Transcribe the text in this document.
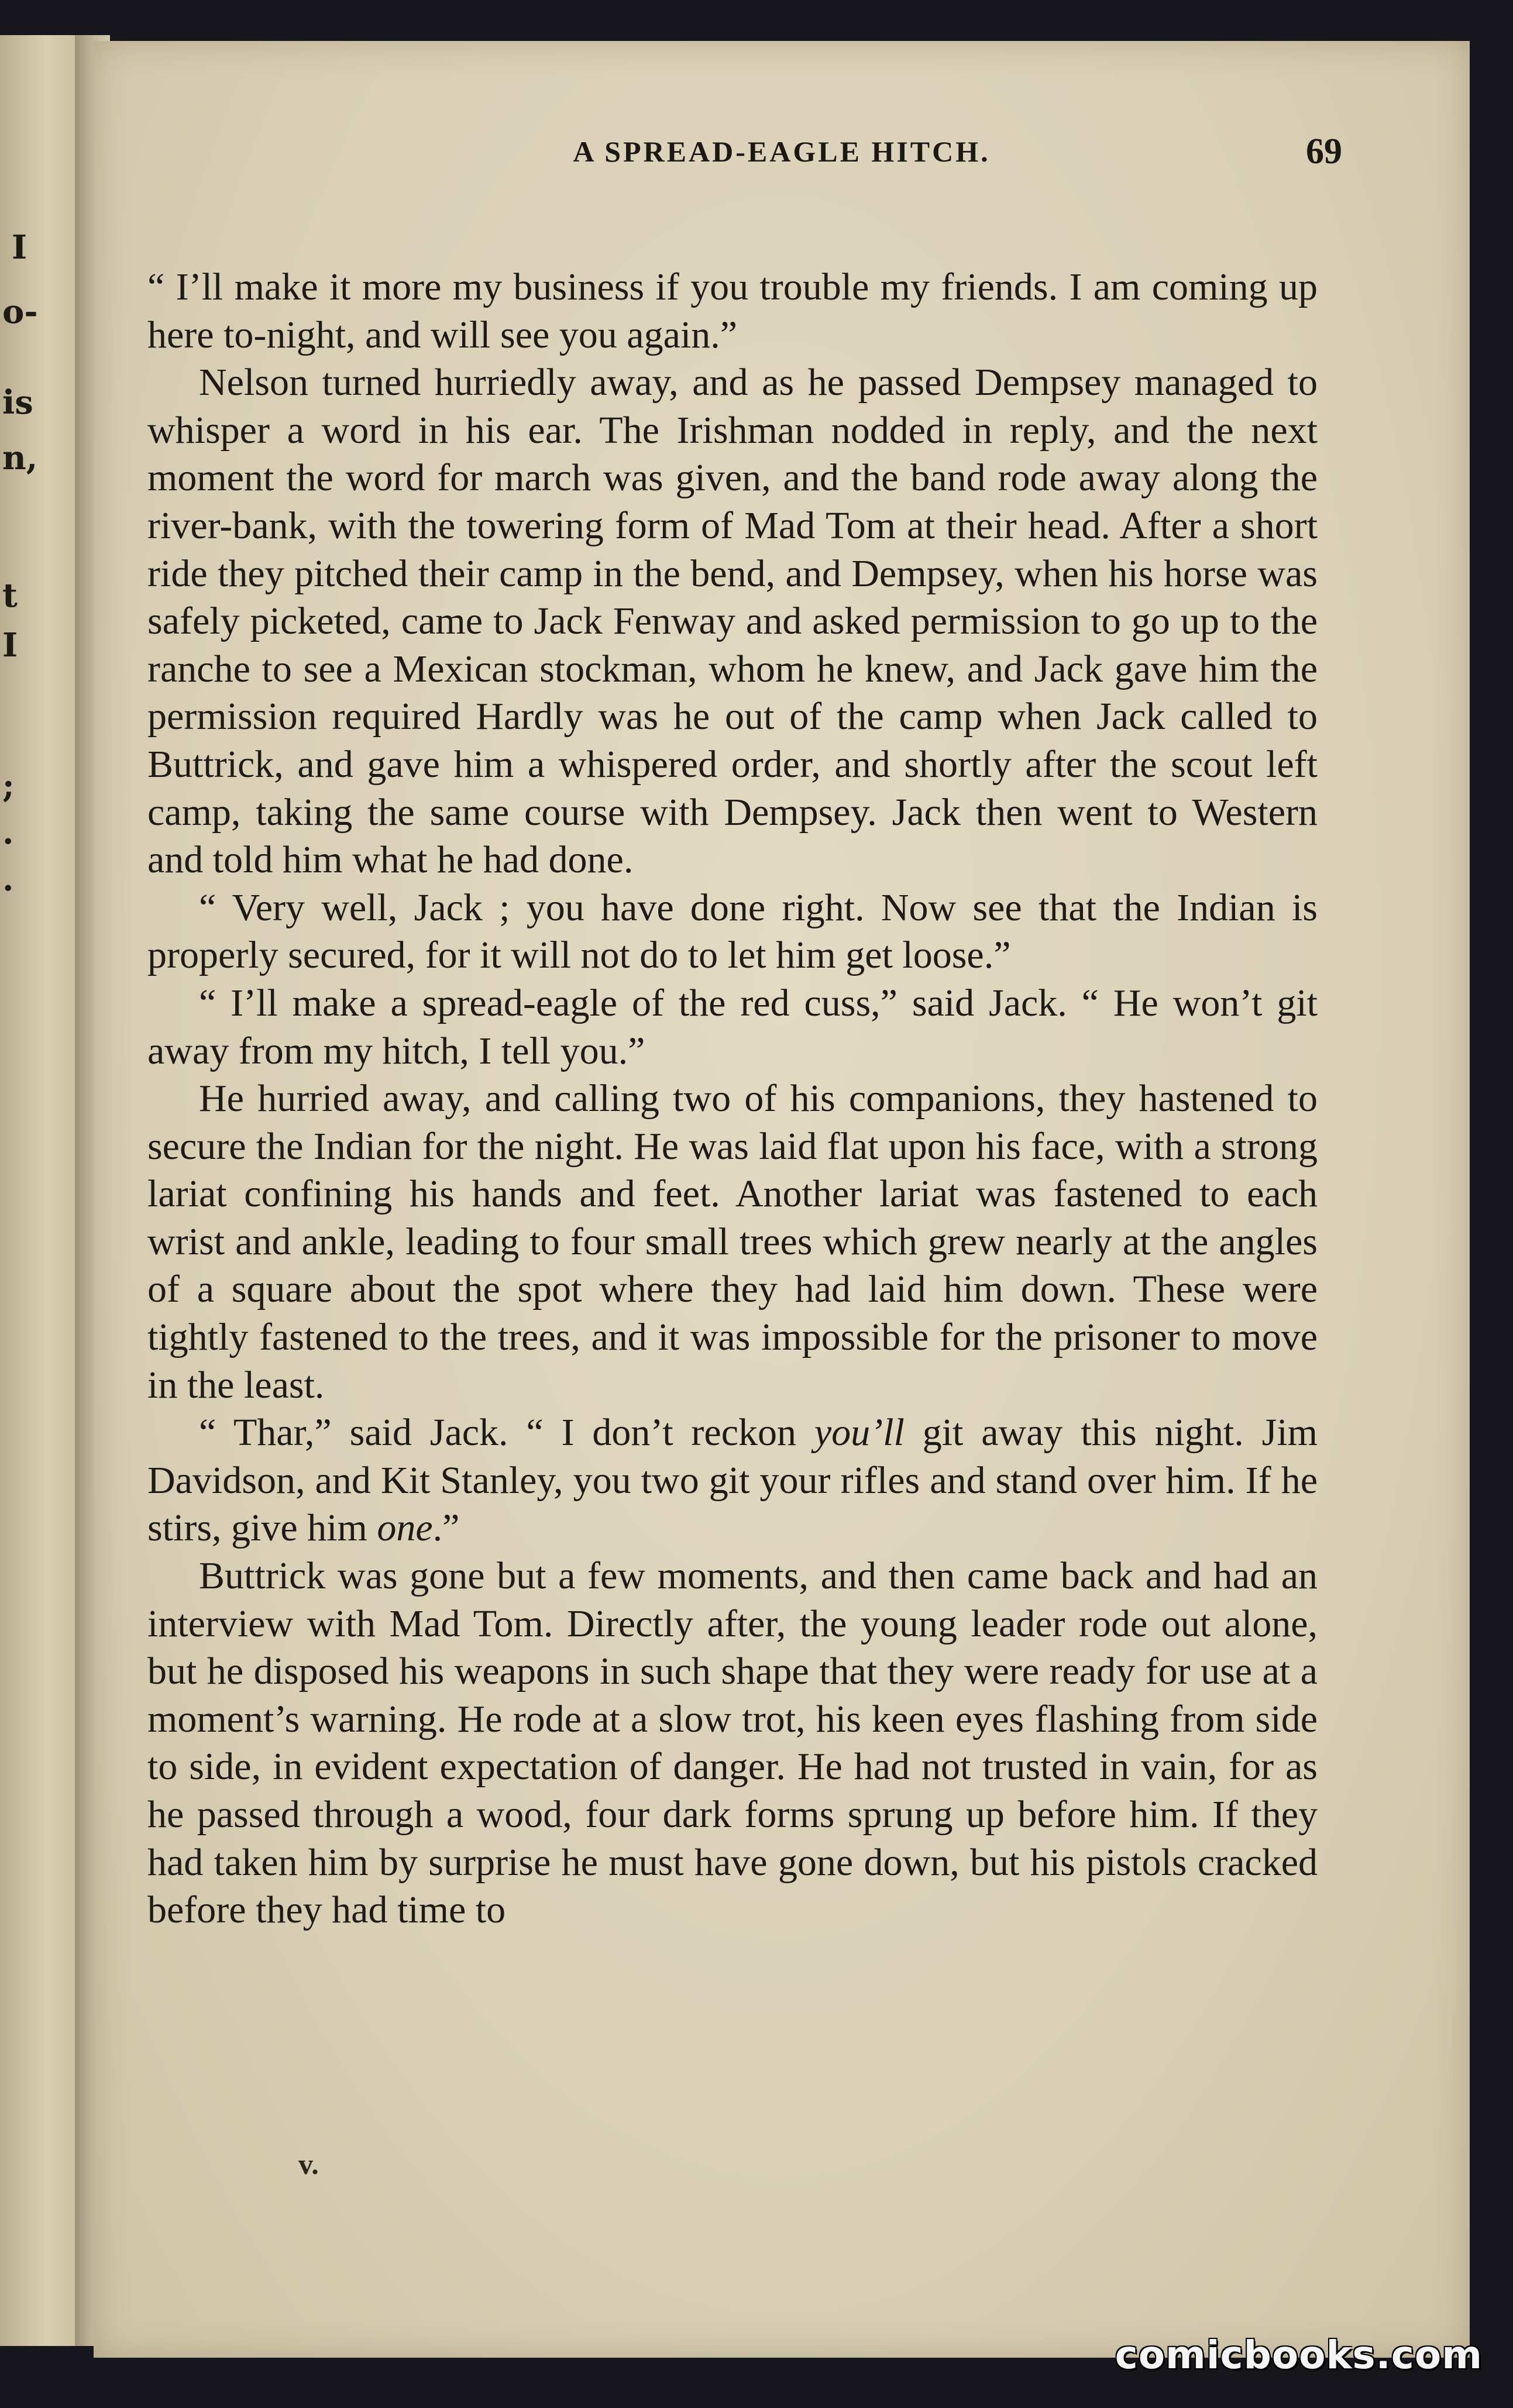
I
o-
is
n,
t
I
;
.
.
A SPREAD-EAGLE HITCH.	69

“ I’ll make it more my business if you trouble my friends. I am coming up here to-night, and will see you again.”

Nelson turned hurriedly away, and as he passed Dempsey managed to whisper a word in his ear. The Irishman nodded in reply, and the next moment the word for march was given, and the band rode away along the river-bank, with the towering form of Mad Tom at their head. After a short ride they pitched their camp in the bend, and Dempsey, when his horse was safely picketed, came to Jack Fenway and asked permission to go up to the ranche to see a Mexican stockman, whom he knew, and Jack gave him the permission required Hardly was he out of the camp when Jack called to Buttrick, and gave him a whispered order, and shortly after the scout left camp, taking the same course with Dempsey. Jack then went to Western and told him what he had done.

“ Very well, Jack ; you have done right. Now see that the Indian is properly secured, for it will not do to let him get loose.”

“ I’ll make a spread-eagle of the red cuss,” said Jack. “ He won’t git away from my hitch, I tell you.”

He hurried away, and calling two of his companions, they hastened to secure the Indian for the night. He was laid flat upon his face, with a strong lariat confining his hands and feet. Another lariat was fastened to each wrist and ankle, leading to four small trees which grew nearly at the angles of a square about the spot where they had laid him down. These were tightly fastened to the trees, and it was impossible for the prisoner to move in the least.

“ Thar,” said Jack. “ I don’t reckon you’ll git away this night. Jim Davidson, and Kit Stanley, you two git your rifles and stand over him. If he stirs, give him one.”

Buttrick was gone but a few moments, and then came back and had an interview with Mad Tom. Directly after, the young leader rode out alone, but he disposed his weapons in such shape that they were ready for use at a moment’s warning. He rode at a slow trot, his keen eyes flashing from side to side, in evident expectation of danger. He had not trusted in vain, for as he passed through a wood, four dark forms sprung up before him. If they had taken him by surprise he must have gone down, but his pistols cracked before they had time to

v.
comicbooks.com
